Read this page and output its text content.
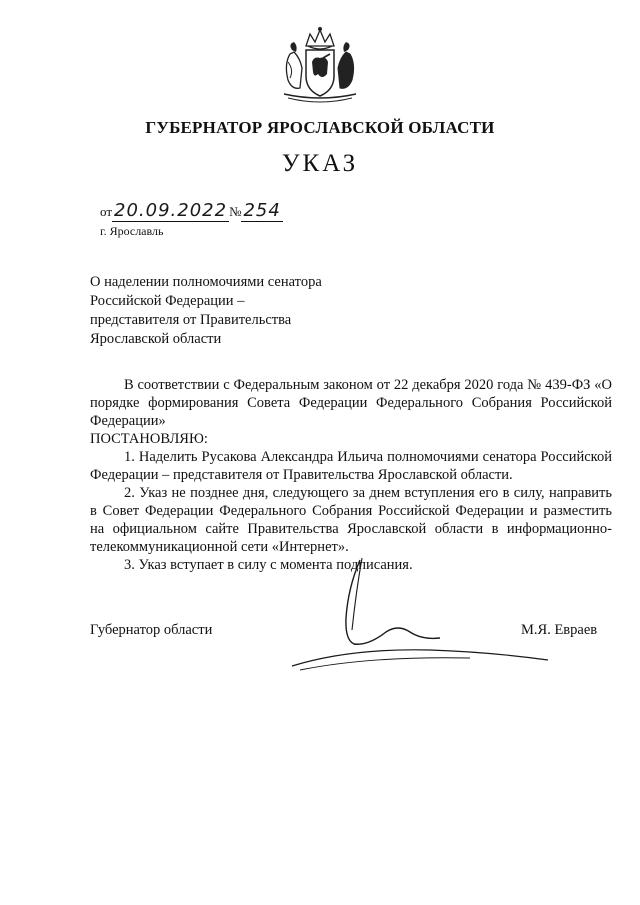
ГУБЕРНАТОР ЯРОСЛАВСКОЙ ОБЛАСТИ
УКАЗ
от 20.09.2022 № 254
г. Ярославль
О наделении полномочиями сенатора
Российской Федерации –
представителя от Правительства
Ярославской области

В соответствии с Федеральным законом от 22 декабря 2020 года № 439-ФЗ «О порядке формирования Совета Федерации Федерального Собрания Российской Федерации»

ПОСТАНОВЛЯЮ:

1. Наделить Русакова Александра Ильича полномочиями сенатора Российской Федерации – представителя от Правительства Ярославской области.

2. Указ не позднее дня, следующего за днем вступления его в силу, направить в Совет Федерации Федерального Собрания Российской Федерации и разместить на официальном сайте Правительства Ярославской области в информационно-телекоммуникационной сети «Интернет».

3. Указ вступает в силу с момента подписания.

Губернатор области	М.Я. Евраев
